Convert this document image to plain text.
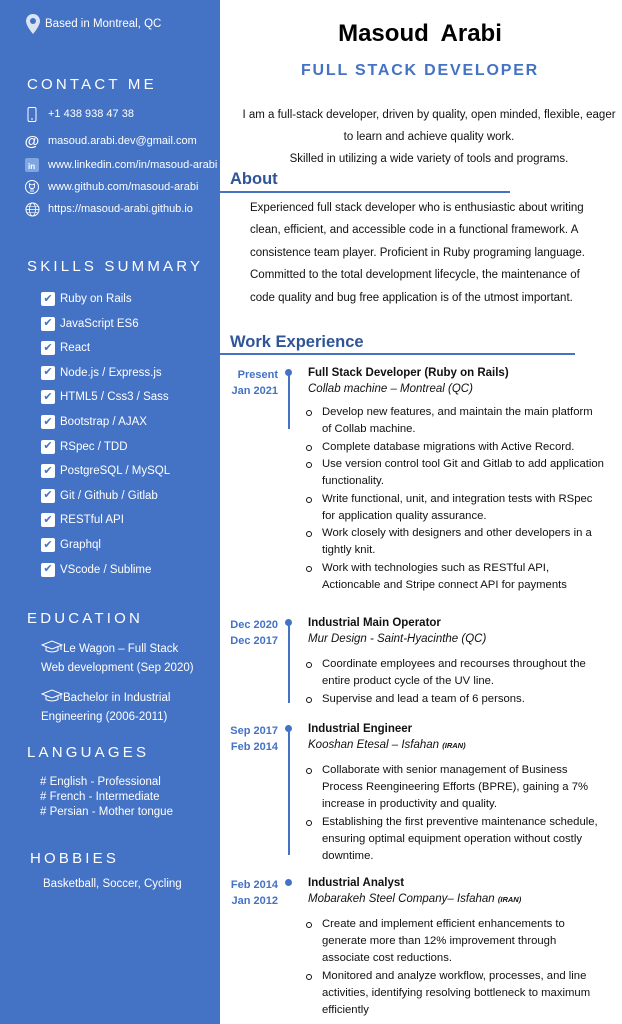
Based in Montreal, QC
CONTACT ME
+1 438 938 47 38
@ masoud.arabi.dev@gmail.com
in www.linkedin.com/in/masoud-arabi
www.github.com/masoud-arabi
https://masoud-arabi.github.io
SKILLS SUMMARY
✔ Ruby on Rails
✔ JavaScript ES6
✔ React
✔ Node.js / Express.js
✔ HTML5 / Css3 / Sass
✔ Bootstrap / AJAX
✔ RSpec / TDD
✔ PostgreSQL / MySQL
✔ Git / Github / Gitlab
✔ RESTful API
✔ Graphql
✔ VScode / Sublime
EDUCATION
Le Wagon – Full Stack
Web development (Sep 2020)
Bachelor in Industrial
Engineering (2006-2011)
LANGUAGES
# English - Professional
# French - Intermediate
# Persian - Mother tongue
HOBBIES
Basketball, Soccer, Cycling
Masoud Arabi
FULL STACK DEVELOPER
I am a full-stack developer, driven by quality, open minded, flexible, eager
to learn and achieve quality work.
Skilled in utilizing a wide variety of tools and programs.
About
Experienced full stack developer who is enthusiastic about writing clean, efficient, and accessible code in a functional framework. A consistence team player. Proficient in Ruby programing language. Committed to the total development lifecycle, the maintenance of code quality and bug free application is of the utmost important.
Work Experience
Present
Jan 2021
Full Stack Developer (Ruby on Rails)
Collab machine – Montreal (QC)
Develop new features, and maintain the main platform of Collab machine.
Complete database migrations with Active Record.
Use version control tool Git and Gitlab to add application functionality.
Write functional, unit, and integration tests with RSpec for application quality assurance.
Work closely with designers and other developers in a tightly knit.
Work with technologies such as RESTful API, Actioncable and Stripe connect API for payments
Dec 2020
Dec 2017
Industrial Main Operator
Mur Design - Saint-Hyacinthe (QC)
Coordinate employees and recourses throughout the entire product cycle of the UV line.
Supervise and lead a team of 6 persons.
Sep 2017
Feb 2014
Industrial Engineer
Kooshan Etesal – Isfahan (IRAN)
Collaborate with senior management of Business Process Reengineering Efforts (BPRE), gaining a 7% increase in productivity and quality.
Establishing the first preventive maintenance schedule, ensuring optimal equipment operation without costly downtime.
Feb 2014
Jan 2012
Industrial Analyst
Mobarakeh Steel Company– Isfahan (IRAN)
Create and implement efficient enhancements to generate more than 12% improvement through associate cost reductions.
Monitored and analyze workflow, processes, and line activities, identifying resolving bottleneck to maximum efficiently
